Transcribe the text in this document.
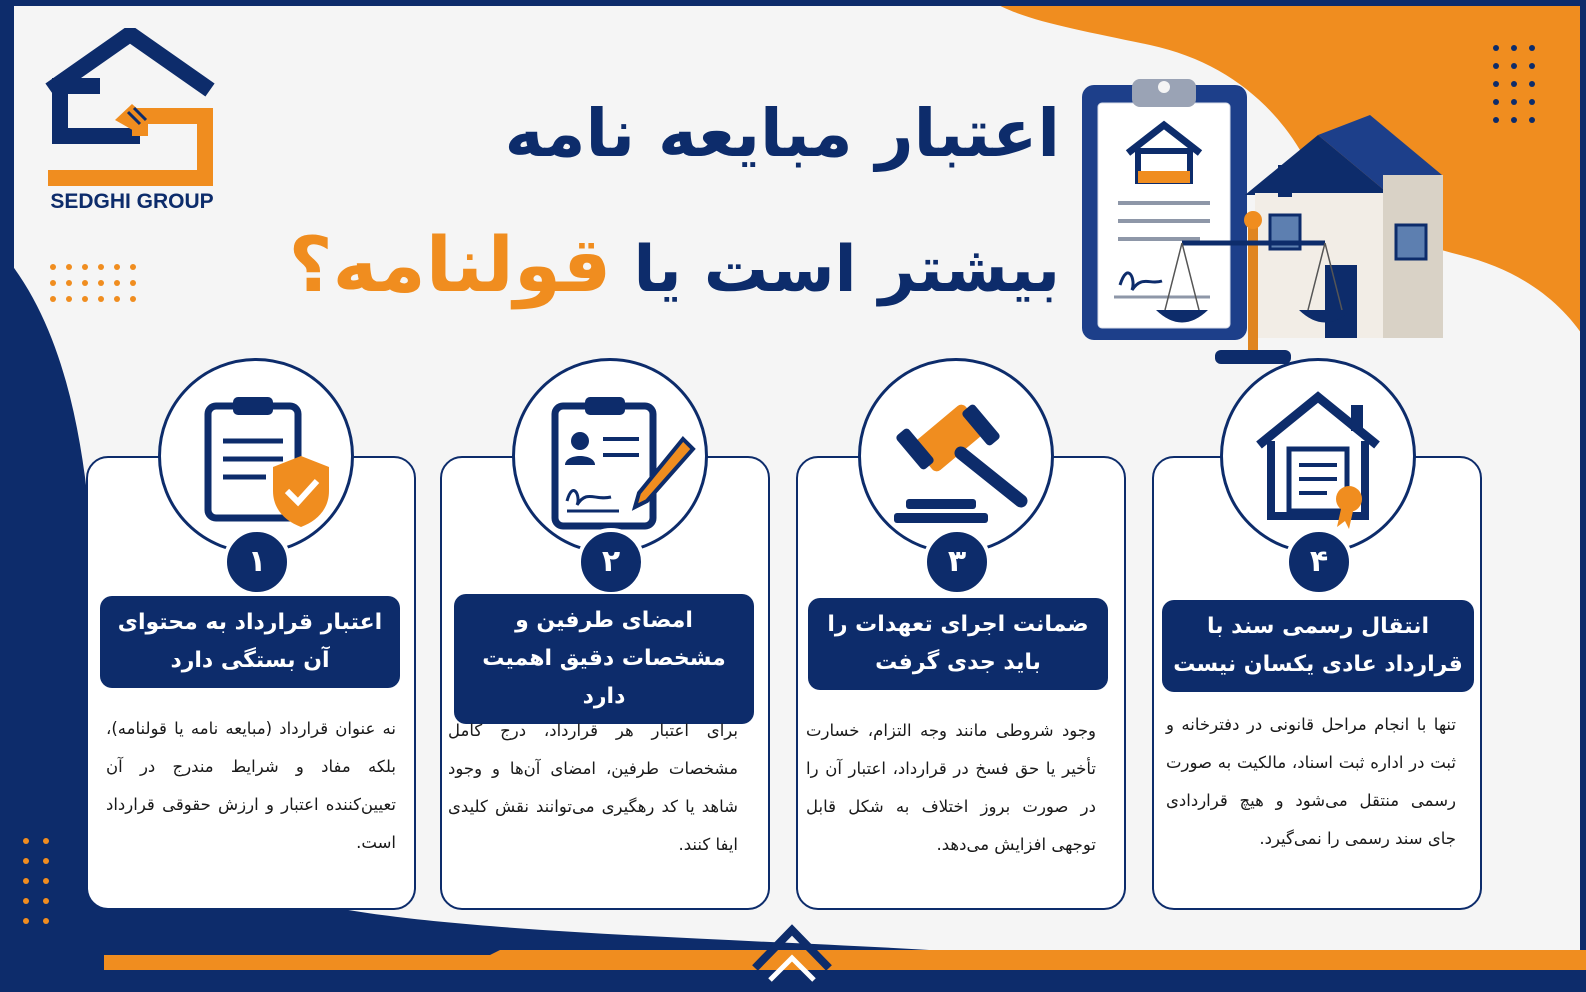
SEDGHI GROUP
اعتبار مبایعه نامه
بیشتر است یا قولنامه؟
۱
اعتبار قرارداد به محتوای آن بستگی دارد
نه عنوان قرارداد (مبایعه نامه یا قولنامه)، بلکه مفاد و شرایط مندرج در آن تعیین‌کننده اعتبار و ارزش حقوقی قرارداد است.
۲
امضای طرفین و مشخصات دقیق اهمیت دارد
برای اعتبار هر قرارداد، درج کامل مشخصات طرفین، امضای آن‌ها و وجود شاهد یا کد رهگیری می‌توانند نقش کلیدی ایفا کنند.
۳
ضمانت اجرای تعهدات را باید جدی گرفت
وجود شروطی مانند وجه التزام، خسارت تأخیر یا حق فسخ در قرارداد، اعتبار آن را در صورت بروز اختلاف به شکل قابل توجهی افزایش می‌دهد.
۴
انتقال رسمی سند با قرارداد عادی یکسان نیست
تنها با انجام مراحل قانونی در دفترخانه و ثبت در اداره ثبت اسناد، مالکیت به صورت رسمی منتقل می‌شود و هیچ قراردادی جای سند رسمی را نمی‌گیرد.
